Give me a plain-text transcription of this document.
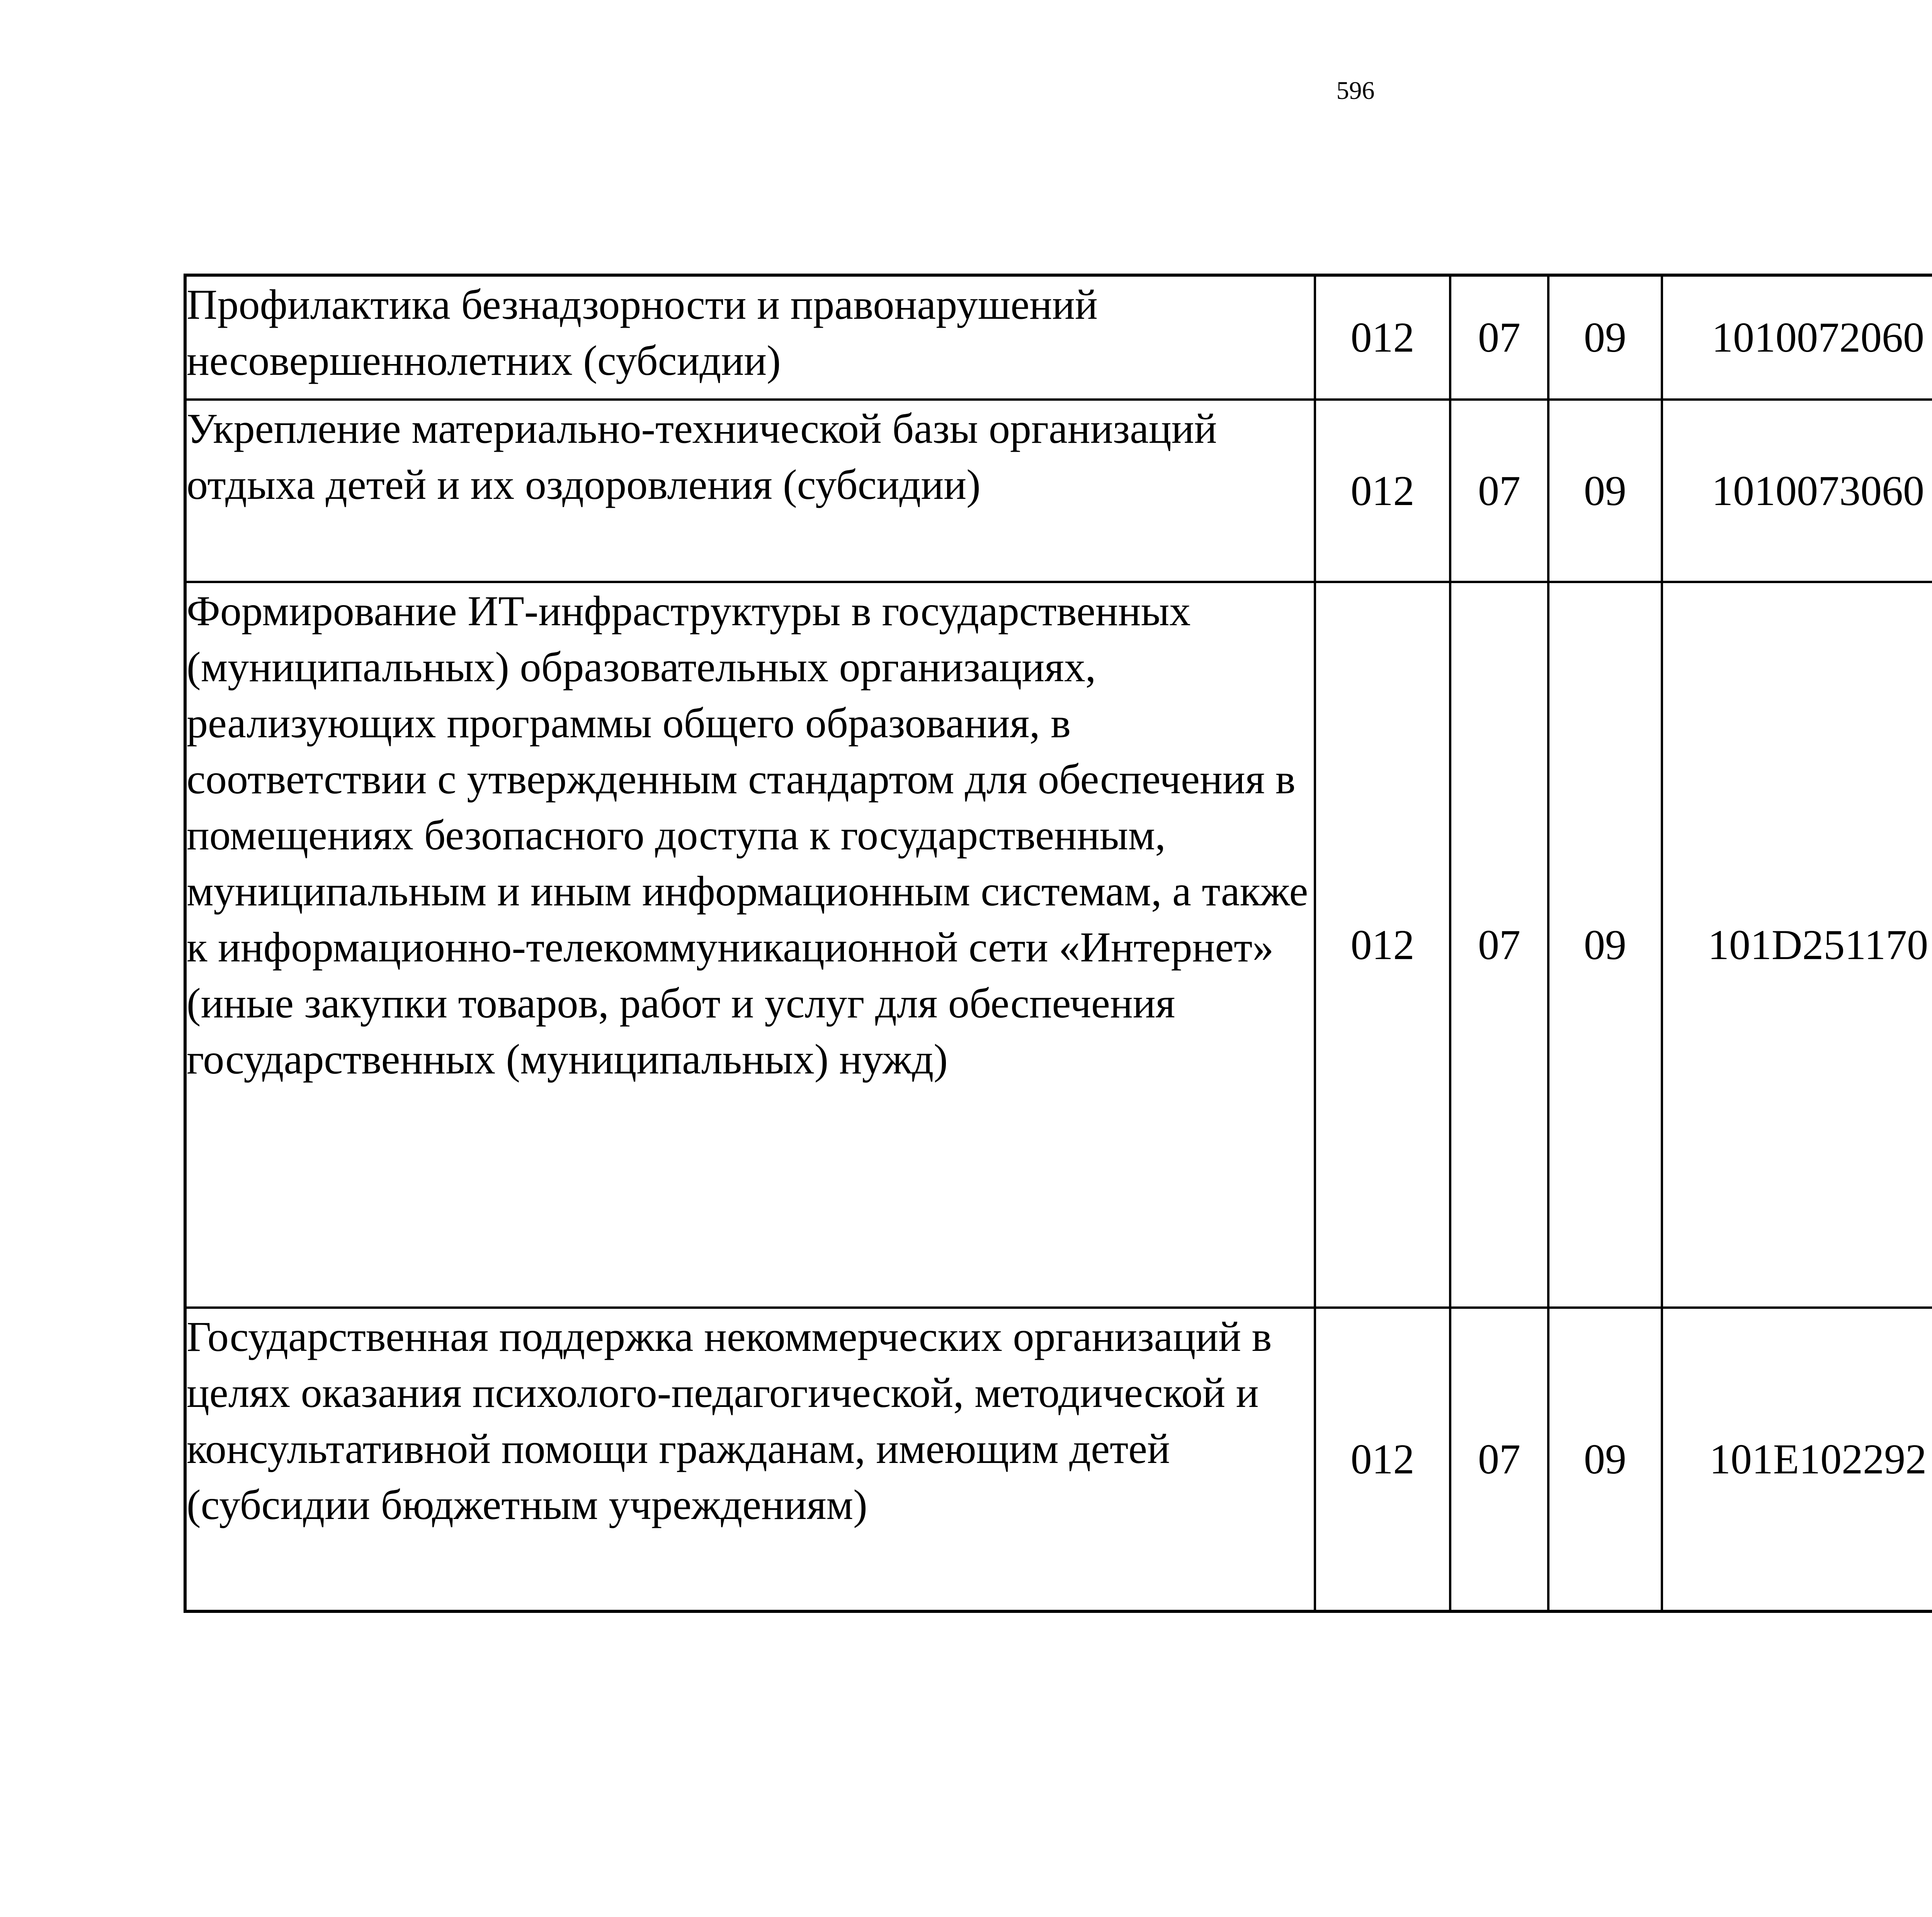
596
Профилактика безнадзорности и правонарушений несовершеннолетних (субсидии)	012	07	09	1010072060		
Укрепление материально-технической базы организаций отдыха детей и их оздоровления (субсидии)	012	07	09	1010073060		
Формирование ИТ-инфраструктуры в государственных (муниципальных) образовательных организациях, реализующих программы общего образования, в соответствии с утвержденным стандартом для обеспечения в помещениях безопасного доступа к государственным, муниципальным и иным информационным системам, а также к информационно-телекоммуникационной сети «Интернет» (иные закупки товаров, работ и услуг для обеспечения государственных (муниципальных) нужд)	012	07	09	101D251170		
Государственная поддержка некоммерческих организаций в целях оказания психолого-педагогической, методической и консультативной помощи гражданам, имеющим детей (субсидии бюджетным учреждениям)	012	07	09	101E102292		
